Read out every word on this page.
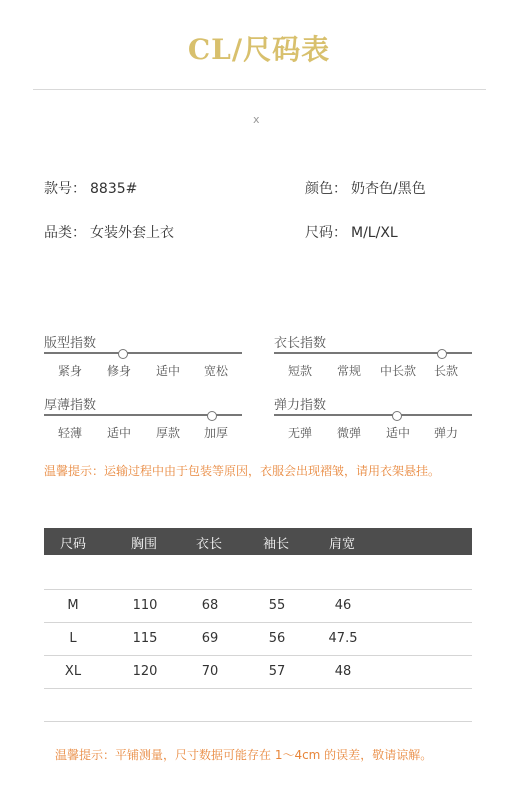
CL/尺码表
x
款号： 8835#	颜色： 奶杏色/黑色
品类： 女装外套上衣	尺码： M/L/XL
版型指数
紧身 修身 适中 宽松
衣长指数
短款 常规 中长款 长款
厚薄指数
轻薄 适中 厚款 加厚
弹力指数
无弹 微弹 适中 弹力
温馨提示：运输过程中由于包装等原因，衣服会出现褶皱，请用衣架悬挂。
尺码	胸围	衣长	袖长	肩宽
M	110	68	55	46
L	115	69	56	47.5
XL	120	70	57	48
温馨提示：平铺测量，尺寸数据可能存在 1～4cm 的误差，敬请谅解。
